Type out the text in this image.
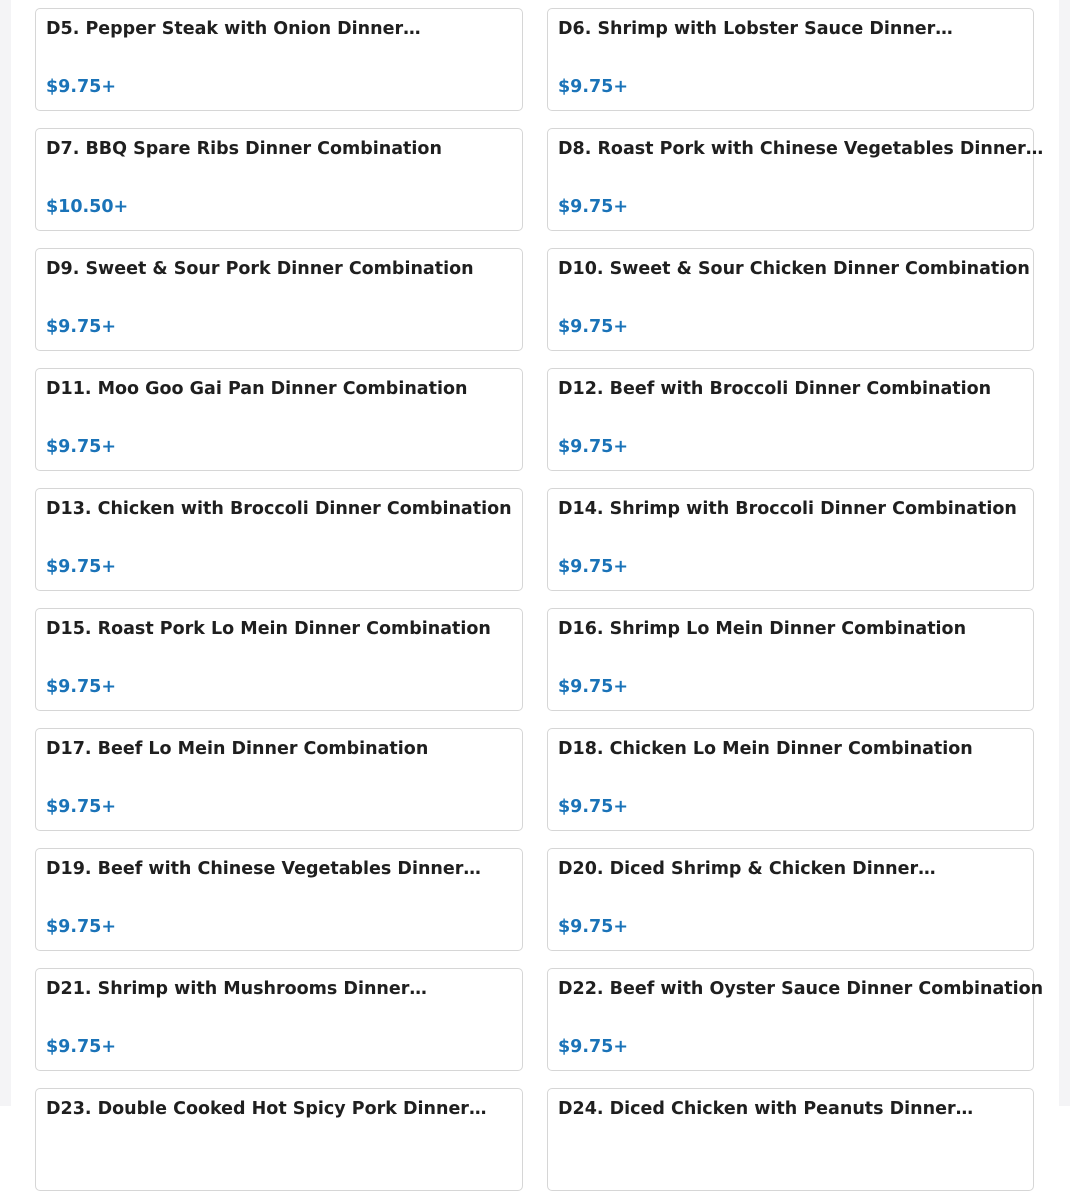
D5. Pepper Steak with Onion Dinner…
$9.75+
D6. Shrimp with Lobster Sauce Dinner…
$9.75+
D7. BBQ Spare Ribs Dinner Combination
$10.50+
D8. Roast Pork with Chinese Vegetables Dinner…
$9.75+
D9. Sweet & Sour Pork Dinner Combination
$9.75+
D10. Sweet & Sour Chicken Dinner Combination
$9.75+
D11. Moo Goo Gai Pan Dinner Combination
$9.75+
D12. Beef with Broccoli Dinner Combination
$9.75+
D13. Chicken with Broccoli Dinner Combination
$9.75+
D14. Shrimp with Broccoli Dinner Combination
$9.75+
D15. Roast Pork Lo Mein Dinner Combination
$9.75+
D16. Shrimp Lo Mein Dinner Combination
$9.75+
D17. Beef Lo Mein Dinner Combination
$9.75+
D18. Chicken Lo Mein Dinner Combination
$9.75+
D19. Beef with Chinese Vegetables Dinner…
$9.75+
D20. Diced Shrimp & Chicken Dinner…
$9.75+
D21. Shrimp with Mushrooms Dinner…
$9.75+
D22. Beef with Oyster Sauce Dinner Combination
$9.75+
D23. Double Cooked Hot Spicy Pork Dinner…	D24. Diced Chicken with Peanuts Dinner…
